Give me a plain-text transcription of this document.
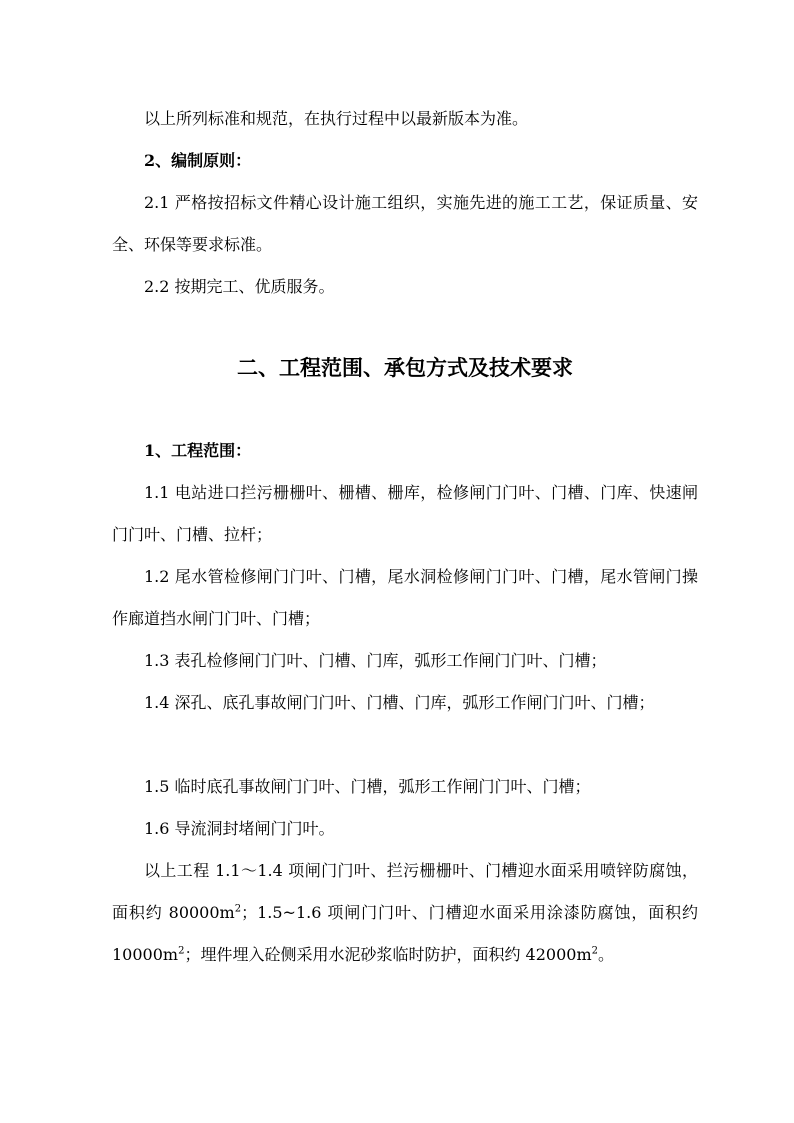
以上所列标准和规范，在执行过程中以最新版本为准。

2、编制原则：

2.1 严格按招标文件精心设计施工组织，实施先进的施工工艺，保证质量、安全、环保等要求标准。

2.2 按期完工、优质服务。

二、工程范围、承包方式及技术要求

1、工程范围：

1.1 电站进口拦污栅栅叶、栅槽、栅库，检修闸门门叶、门槽、门库、快速闸门门叶、门槽、拉杆；

1.2 尾水管检修闸门门叶、门槽，尾水洞检修闸门门叶、门槽，尾水管闸门操作廊道挡水闸门门叶、门槽；

1.3 表孔检修闸门门叶、门槽、门库，弧形工作闸门门叶、门槽；

1.4 深孔、底孔事故闸门门叶、门槽、门库，弧形工作闸门门叶、门槽；

1.5 临时底孔事故闸门门叶、门槽，弧形工作闸门门叶、门槽；

1.6 导流洞封堵闸门门叶。

以上工程 1.1～1.4 项闸门门叶、拦污栅栅叶、门槽迎水面采用喷锌防腐蚀，面积约 $80000m^2$；1.5~1.6 项闸门门叶、门槽迎水面采用涂漆防腐蚀，面积约 $10000m^2$；埋件埋入砼侧采用水泥砂浆临时防护，面积约 $42000m^2$。
